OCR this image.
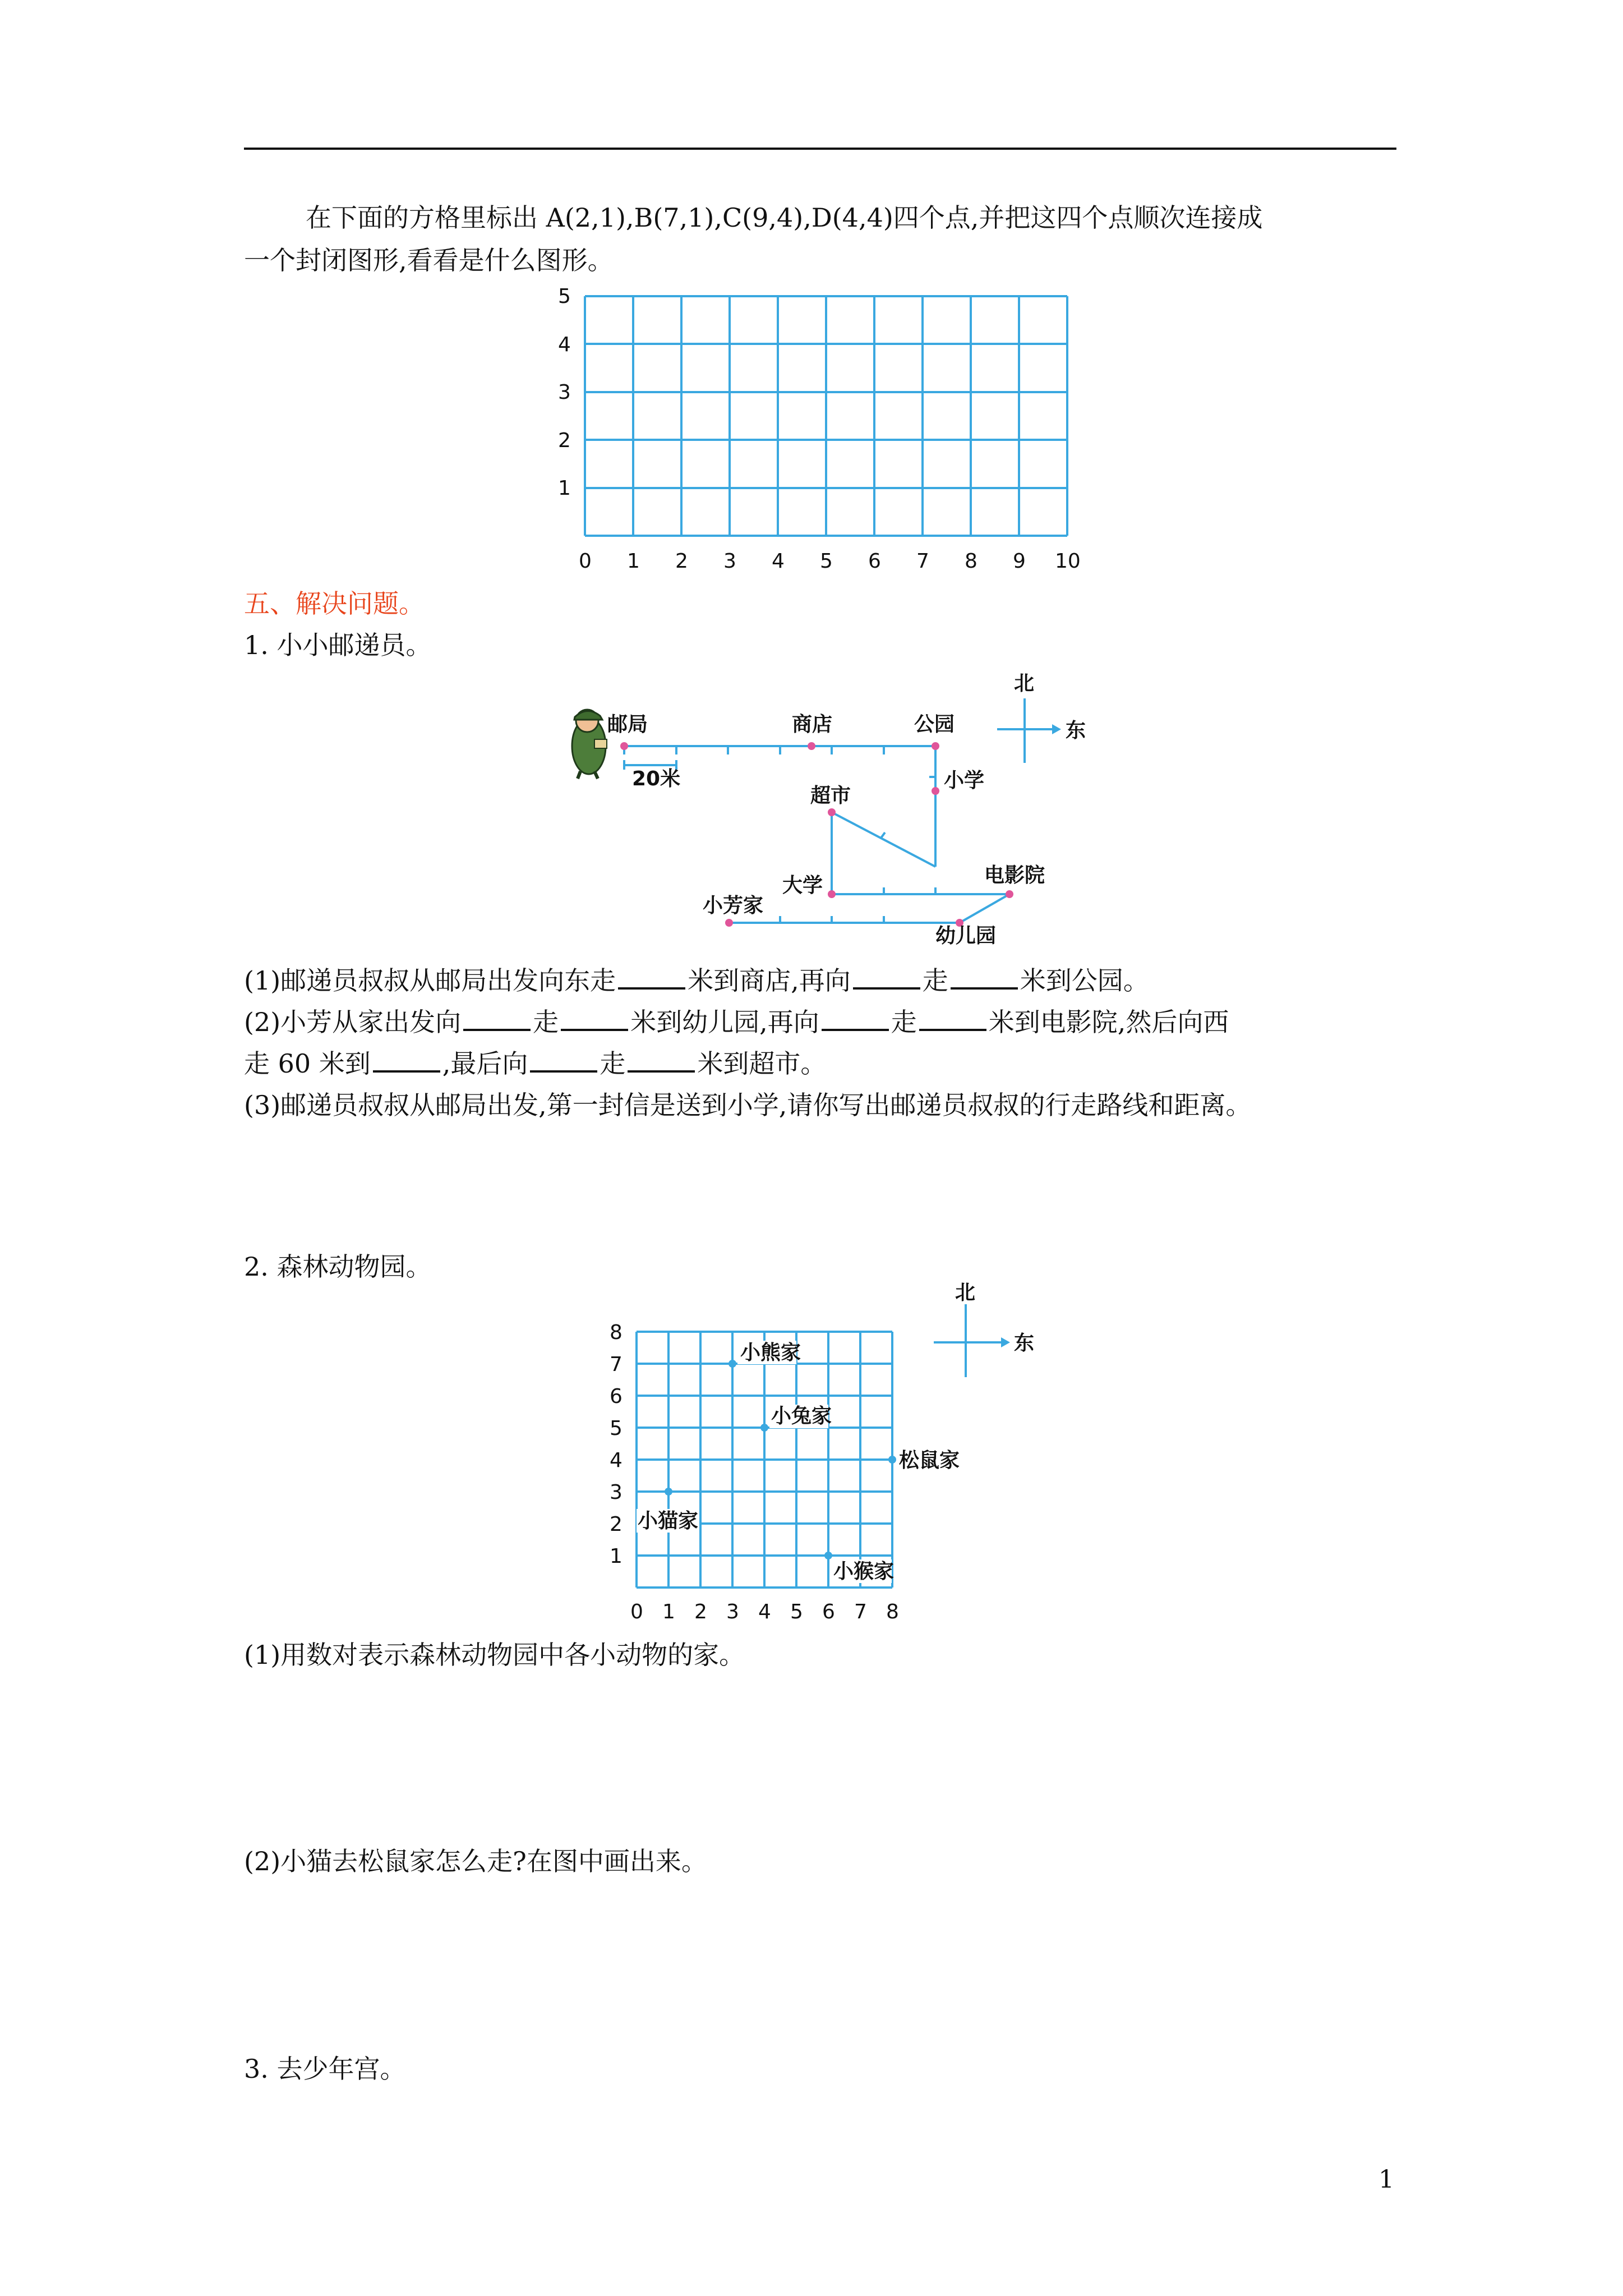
在下面的方格里标出 A(2,1),B(7,1),C(9,4),D(4,4)四个点,并把这四个点顺次连接成
一个封闭图形,看看是什么图形。
5
4
3
2
1
0 1 2 3 4 5 6 7 8 9 10
五、解决问题。
1. 小小邮递员。
邮局	商店	公园
小学
超市
大学	电影院
小芳家
幼儿园
20米
北
东
(1)邮递员叔叔从邮局出发向东走	米到商店,再向	走	米到公园。
(2)小芳从家出发向	走	米到幼儿园,再向	走	米到电影院,然后向西
走 60 米到	,最后向	走	米到超市。
(3)邮递员叔叔从邮局出发,第一封信是送到小学,请你写出邮递员叔叔的行走路线和距离。
2. 森林动物园。
8
7
6
5
4
3
2
1
0 1 2 3 4 5 6 7 8
小熊家
小兔家
松鼠家
小猫家
小猴家
北
东
(1)用数对表示森林动物园中各小动物的家。
(2)小猫去松鼠家怎么走?在图中画出来。
3. 去少年宫。
1
